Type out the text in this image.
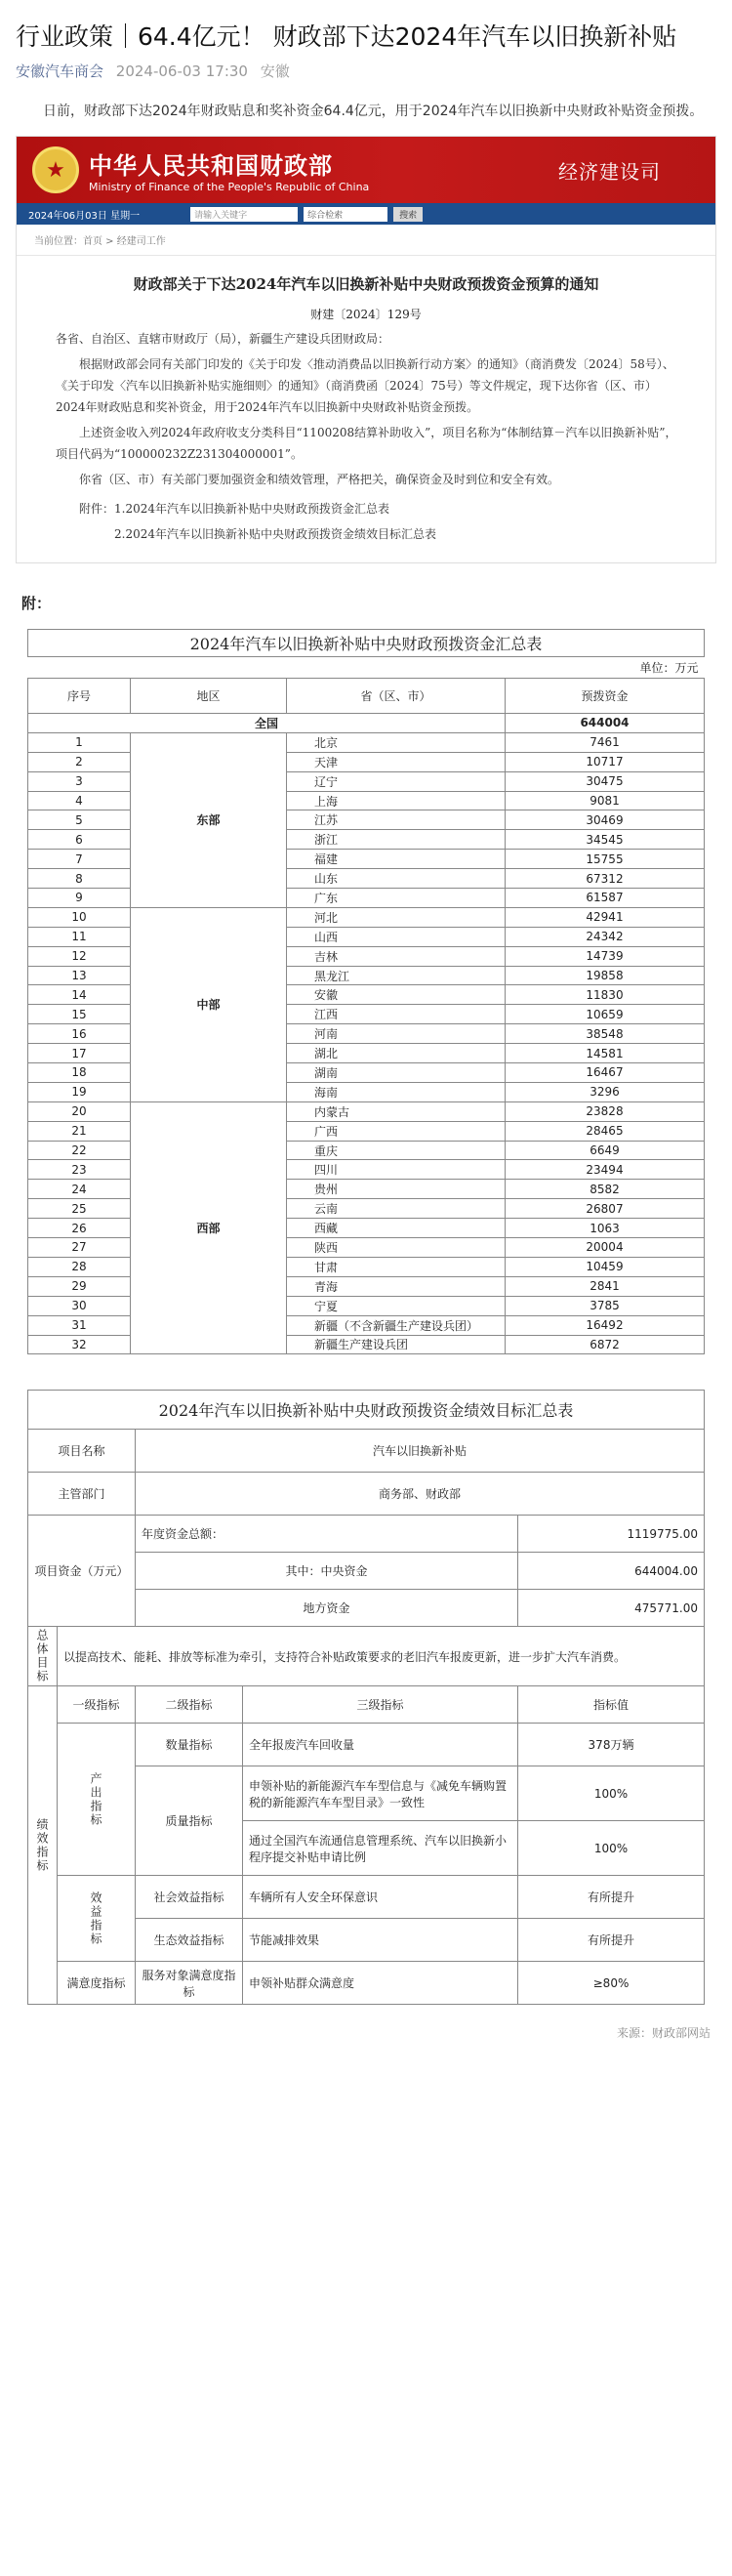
行业政策｜64.4亿元！ 财政部下达2024年汽车以旧换新补贴
安徽汽车商会 2024-06-03 17:30 安徽
日前，财政部下达2024年财政贴息和奖补资金64.4亿元，用于2024年汽车以旧换新中央财政补贴资金预拨。
★	中华人民共和国财政部
Ministry of Finance of the People's Republic of China
经济建设司
2024年06月03日 星期一	请输入关键字	综合检索	搜索
当前位置：首页 > 经建司工作
财政部关于下达2024年汽车以旧换新补贴中央财政预拨资金预算的通知
财建〔2024〕129号

各省、自治区、直辖市财政厅（局），新疆生产建设兵团财政局：

根据财政部会同有关部门印发的《关于印发〈推动消费品以旧换新行动方案〉的通知》（商消费发〔2024〕58号）、《关于印发〈汽车以旧换新补贴实施细则〉的通知》（商消费函〔2024〕75号）等文件规定，现下达你省（区、市）2024年财政贴息和奖补资金，用于2024年汽车以旧换新中央财政补贴资金预拨。

上述资金收入列2024年政府收支分类科目“1100208结算补助收入”，项目名称为“体制结算－汽车以旧换新补贴”，项目代码为“100000232Z231304000001”。

你省（区、市）有关部门要加强资金和绩效管理，严格把关，确保资金及时到位和安全有效。

附件：1.2024年汽车以旧换新补贴中央财政预拨资金汇总表

2.2024年汽车以旧换新补贴中央财政预拨资金绩效目标汇总表

附：
2024年汽车以旧换新补贴中央财政预拨资金汇总表			
单位：万元			
序号	地区	省（区、市）	预拨资金
全国			644004
1	东部	北京	7461
2		天津	10717
3		辽宁	30475
4		上海	9081
5		江苏	30469
6		浙江	34545
7		福建	15755
8		山东	67312
9		广东	61587
10	中部	河北	42941
11		山西	24342
12		吉林	14739
13		黑龙江	19858
14		安徽	11830
15		江西	10659
16		河南	38548
17		湖北	14581
18		湖南	16467
19		海南	3296
20	西部	内蒙古	23828
21		广西	28465
22		重庆	6649
23		四川	23494
24		贵州	8582
25		云南	26807
26		西藏	1063
27		陕西	20004
28		甘肃	10459
29		青海	2841
30		宁夏	3785
31		新疆（不含新疆生产建设兵团）	16492
32		新疆生产建设兵团	6872
2024年汽车以旧换新补贴中央财政预拨资金绩效目标汇总表				
项目名称		汽车以旧换新补贴		
主管部门		商务部、财政部		
项目资金（万元）		年度资金总额：		1119775.00
		其中：中央资金		644004.00
		地方资金		475771.00

总体目标	以提高技术、能耗、排放等标准为牵引，支持符合补贴政策要求的老旧汽车报废更新，进一步扩大汽车消费。			

绩效指标	一级指标	二级指标	三级指标	指标值

	产出指标	数量指标	全年报废汽车回收量	378万辆
		质量指标	申领补贴的新能源汽车车型信息与《减免车辆购置税的新能源汽车车型目录》一致性	100%
			通过全国汽车流通信息管理系统、汽车以旧换新小程序提交补贴申请比例	100%

	效益指标	社会效益指标	车辆所有人安全环保意识	有所提升
		生态效益指标	节能减排效果	有所提升
	满意度指标	服务对象满意度指标	申领补贴群众满意度	≥80%
来源：财政部网站
